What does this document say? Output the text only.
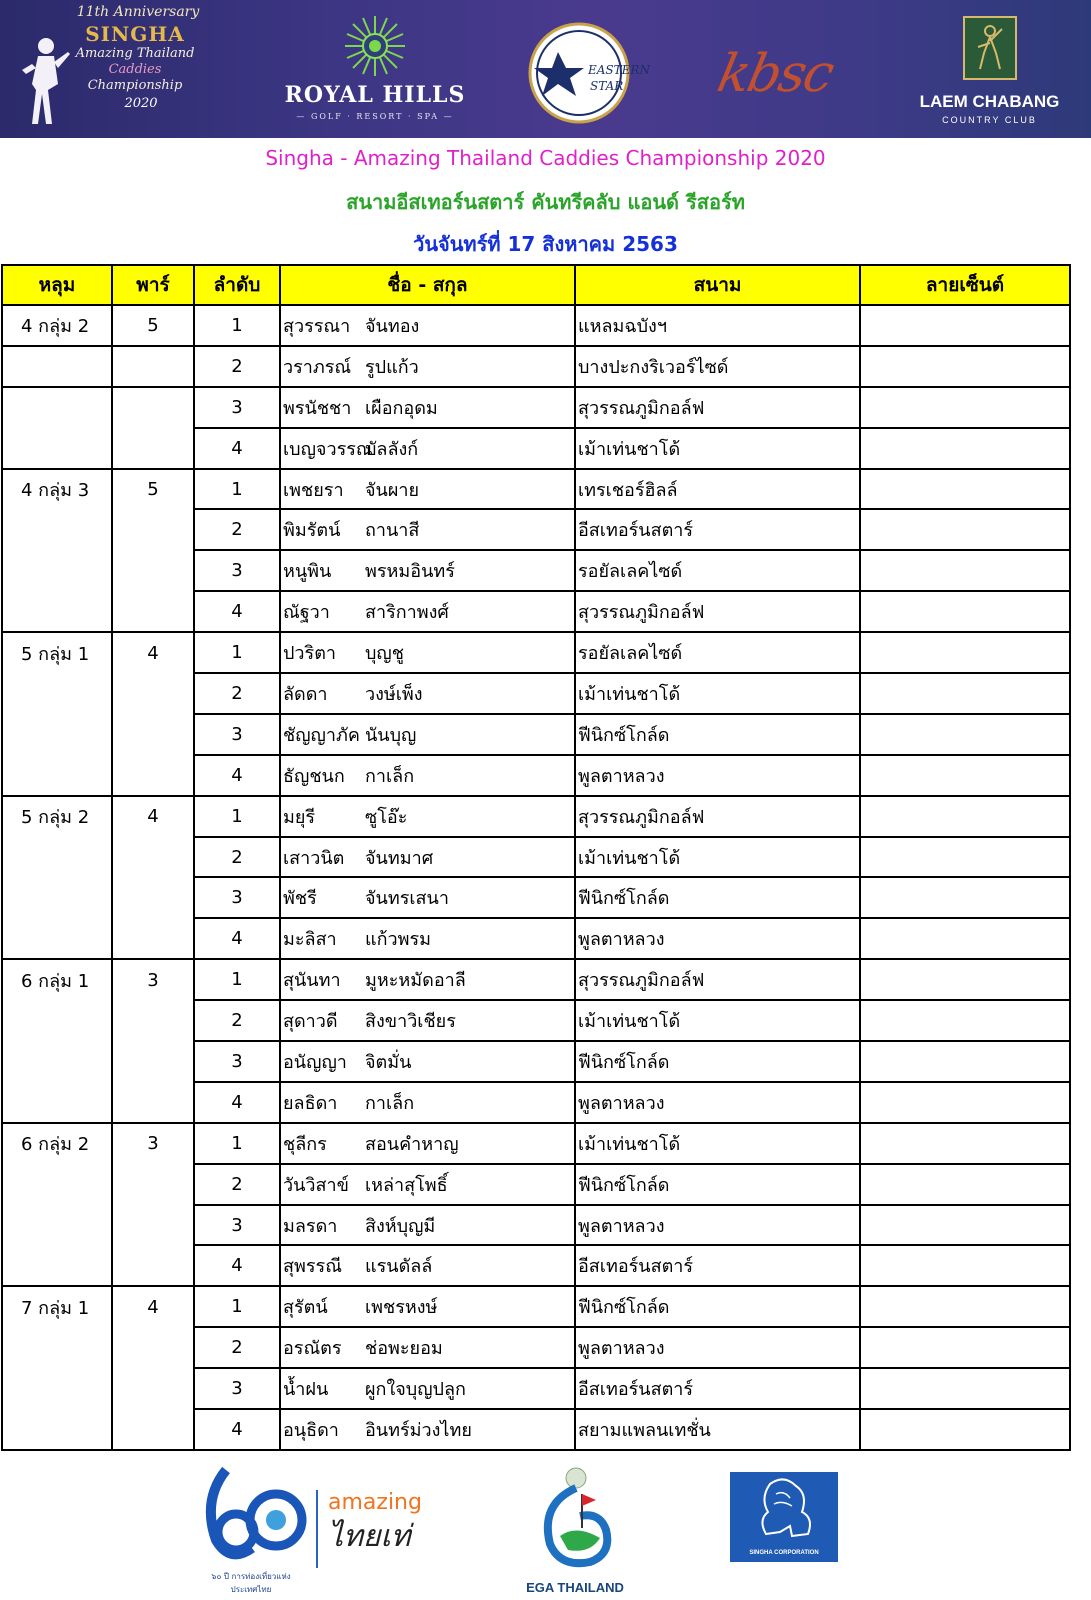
11th Anniversary
SINGHA
Amazing Thailand
Caddies
Championship
2020	ROYAL HILLS
— GOLF · RESORT · SPA —
EASTERN
STAR	kbsc	LAEM CHABANG
COUNTRY CLUB
Singha - Amazing Thailand Caddies Championship 2020
สนามอีสเทอร์นสตาร์ คันทรีคลับ แอนด์ รีสอร์ท
วันจันทร์ที่ 17 สิงหาคม 2563
หลุม	พาร์	ลำดับ	ชื่อ - สกุล	สนาม	ลายเซ็นต์
4 กลุ่ม 2	5	1	สุวรรณา จันทอง	แหลมฉบังฯ	
		2	วราภรณ์ รูปแก้ว	บางปะกงริเวอร์ไซด์	
		3	พรนัชชา เผือกอุดม	สุวรรณภูมิกอล์ฟ	
		4	เบญจวรรณบัลลังก์	เม้าเท่นชาโด้	
4 กลุ่ม 3	5	1	เพชยรา จันผาย	เทรเชอร์ฮิลล์	
		2	พิมรัตน์ ถานาสี	อีสเทอร์นสตาร์	
		3	หนูพิน พรหมอินทร์	รอยัลเลคไซด์	
		4	ณัฐวา สาริกาพงศ์	สุวรรณภูมิกอล์ฟ	
5 กลุ่ม 1	4	1	ปวริตา บุญชู	รอยัลเลคไซด์	
		2	ลัดดา วงษ์เพ็ง	เม้าเท่นชาโด้	
		3	ชัญญาภัค นันบุญ	ฟีนิกซ์โกล์ด	
		4	ธัญชนก กาเล็ก	พูลตาหลวง	
5 กลุ่ม 2	4	1	มยุรี ซูโอ๊ะ	สุวรรณภูมิกอล์ฟ	
		2	เสาวนิต จันทมาศ	เม้าเท่นชาโด้	
		3	พัชรี จันทรเสนา	ฟีนิกซ์โกล์ด	
		4	มะลิสา แก้วพรม	พูลตาหลวง	
6 กลุ่ม 1	3	1	สุนันทา มูหะหมัดอาลี	สุวรรณภูมิกอล์ฟ	
		2	สุดาวดี สิงขาวิเชียร	เม้าเท่นชาโด้	
		3	อนัญญา จิตมั่น	ฟีนิกซ์โกล์ด	
		4	ยลธิดา กาเล็ก	พูลตาหลวง	
6 กลุ่ม 2	3	1	ชุลีกร สอนคำหาญ	เม้าเท่นชาโด้	
		2	วันวิสาข์ เหล่าสุโพธิ์	ฟีนิกซ์โกล์ด	
		3	มลรดา สิงห์บุญมี	พูลตาหลวง	
		4	สุพรรณี แรนดัลล์	อีสเทอร์นสตาร์	
7 กลุ่ม 1	4	1	สุรัตน์ เพชรหงษ์	ฟีนิกซ์โกล์ด	
		2	อรณัตร ช่อพะยอม	พูลตาหลวง	
		3	น้ำฝน ผูกใจบุญปลูก	อีสเทอร์นสตาร์	
		4	อนุธิดา อินทร์ม่วงไทย	สยามแพลนเทชั่น	
๖๐ ปี การท่องเที่ยวแห่งประเทศไทย
amazing
ไทยเท่
EGA THAILAND
SINGHA CORPORATION
